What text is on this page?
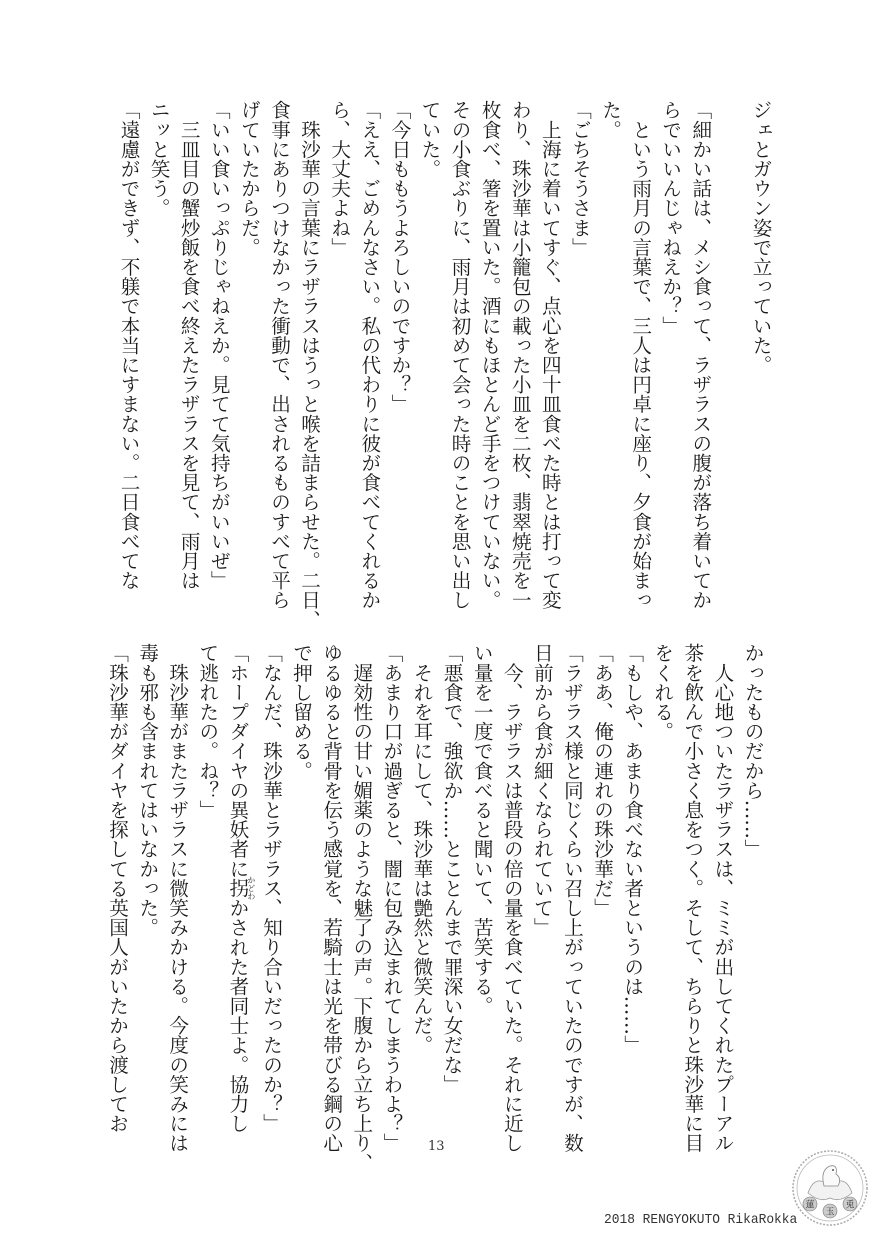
ジェとガウン姿で立っていた。

「細かい話は、メシ食って、ラザラスの腹が落ち着いてか
らでいいんじゃねえか？」
　という雨月の言葉で、三人は円卓に座り、夕食が始まっ
た。
「ごちそうさま」
　上海に着いてすぐ、点心を四十皿食べた時とは打って変
わり、珠沙華は小籠包の載った小皿を二枚、翡翠焼売を一
枚食べ、箸を置いた。酒にもほとんど手をつけていない。
その小食ぶりに、雨月は初めて会った時のことを思い出し
ていた。
「今日ももうよろしいのですか？」
「ええ、ごめんなさい。私の代わりに彼が食べてくれるか
ら、大丈夫よね」
　珠沙華の言葉にラザラスはうっと喉を詰まらせた。二日、
食事にありつけなかった衝動で、出されるものすべて平ら
げていたからだ。
「いい食いっぷりじゃねえか。見てて気持ちがいいぜ」
　三皿目の蟹炒飯を食べ終えたラザラスを見て、雨月は
ニッと笑う。
「遠慮ができず、不躾で本当にすまない。二日食べてな
かったものだから……」
　人心地ついたラザラスは、ミミが出してくれたプーアル
茶を飲んで小さく息をつく。そして、ちらりと珠沙華に目
をくれる。
「もしや、あまり食べない者というのは……」
「ああ、俺の連れの珠沙華だ」
「ラザラス様と同じくらい召し上がっていたのですが、数
日前から食が細くなられていて」
　今、ラザラスは普段の倍の量を食べていた。それに近し
い量を一度で食べると聞いて、苦笑する。
「悪食で、強欲か……とことんまで罪深い女だな」
　それを耳にして、珠沙華は艶然と微笑んだ。
「あまり口が過ぎると、闇に包み込まれてしまうわよ？」
　遅効性の甘い媚薬のような魅了の声。下腹から立ち上り、
ゆるゆると背骨を伝う感覚を、若騎士は光を帯びる鋼の心
で押し留める。
「なんだ、珠沙華とラザラス、知り合いだったのか？」
「ホープダイヤの異妖者に拐かどわかされた者同士よ。協力し
て逃れたの。ね？」
　珠沙華がまたラザラスに微笑みかける。今度の笑みには
毒も邪も含まれてはいなかった。
「珠沙華がダイヤを探してる英国人がいたから渡してお
13
2018 RENGYOKUTO RikaRokka
蓮
玉
兎
